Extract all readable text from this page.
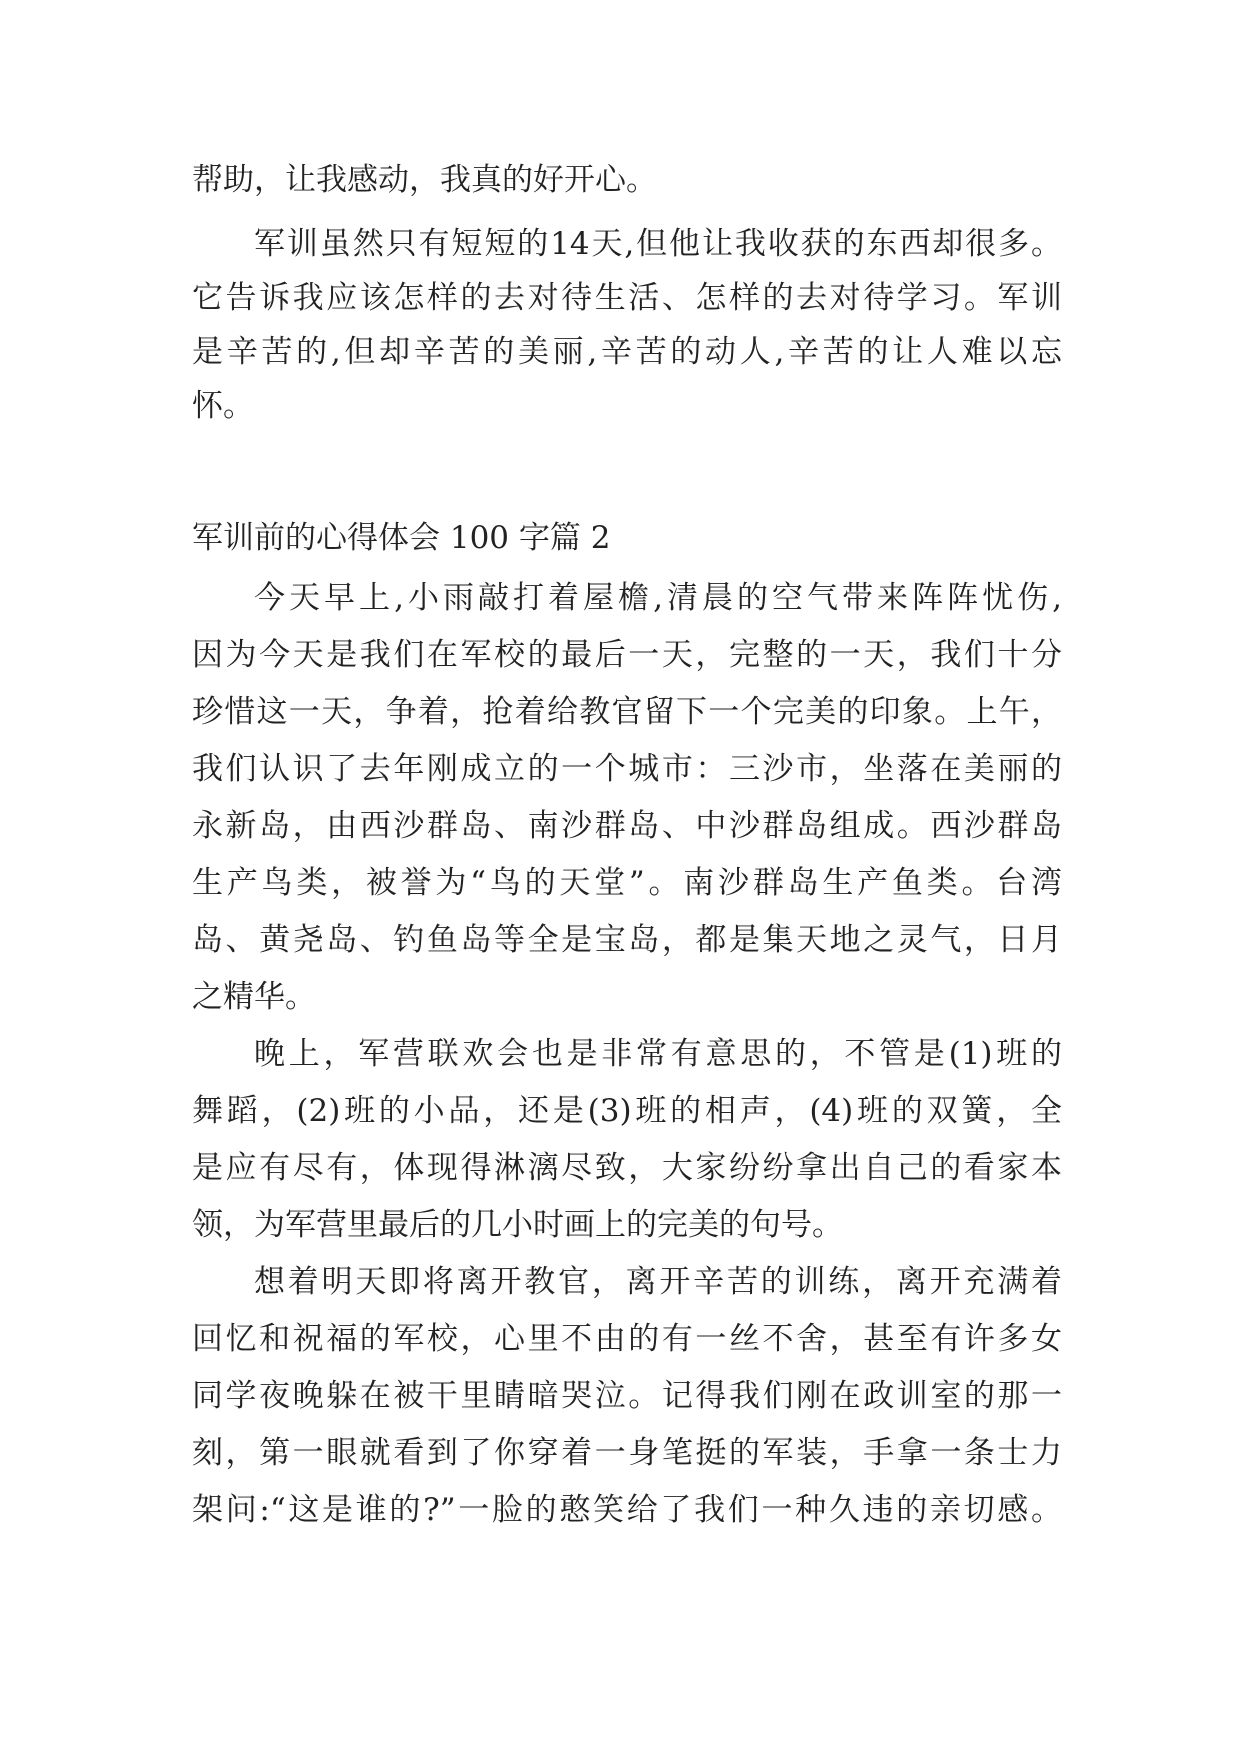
帮助，让我感动，我真的好开心。
军训虽然只有短短的14天,但他让我收获的东西却很多。
它告诉我应该怎样的去对待生活、怎样的去对待学习。军训
是辛苦的,但却辛苦的美丽,辛苦的动人,辛苦的让人难以忘
怀。
军训前的心得体会 100 字篇 2
今天早上,小雨敲打着屋檐,清晨的空气带来阵阵忧伤,
因为今天是我们在军校的最后一天，完整的一天，我们十分
珍惜这一天，争着，抢着给教官留下一个完美的印象。上午，
我们认识了去年刚成立的一个城市：三沙市，坐落在美丽的
永新岛，由西沙群岛、南沙群岛、中沙群岛组成。西沙群岛
生产鸟类，被誉为“鸟的天堂”。南沙群岛生产鱼类。台湾
岛、黄尧岛、钓鱼岛等全是宝岛，都是集天地之灵气，日月
之精华。
晚上，军营联欢会也是非常有意思的，不管是(1)班的
舞蹈，(2)班的小品，还是(3)班的相声，(4)班的双簧，全
是应有尽有，体现得淋漓尽致，大家纷纷拿出自己的看家本
领，为军营里最后的几小时画上的完美的句号。
想着明天即将离开教官，离开辛苦的训练，离开充满着
回忆和祝福的军校，心里不由的有一丝不舍，甚至有许多女
同学夜晚躲在被干里睛暗哭泣。记得我们刚在政训室的那一
刻，第一眼就看到了你穿着一身笔挺的军装，手拿一条士力
架问:“这是谁的?”一脸的憨笑给了我们一种久违的亲切感。
